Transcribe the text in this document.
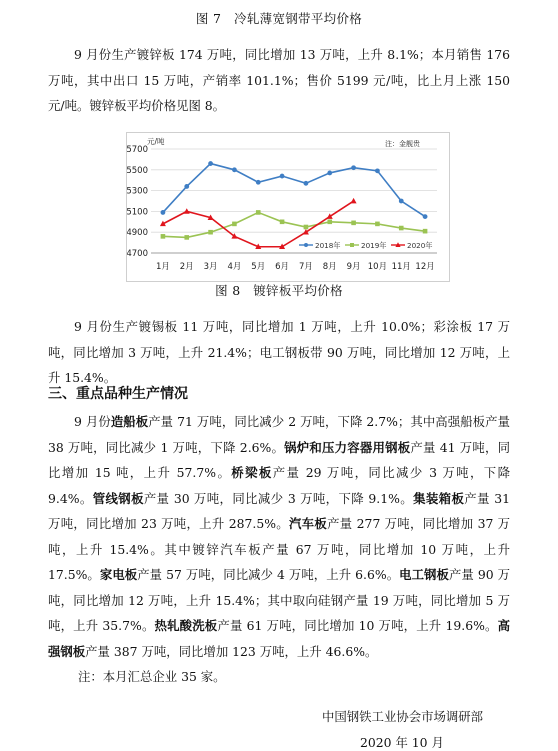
图 7　冷轧薄宽钢带平均价格

9 月份生产镀锌板 174 万吨，同比增加 13 万吨，上升 8.1%；本月销售 176 万吨，其中出口 15 万吨，产销率 101.1%；售价 5199 元/吨，比上月上涨 150 元/吨。镀锌板平均价格见图 8。

4700
4900
5100
5300
5500
5700
1月 2月 3月 4月 5月 6月 7月 8月 9月 10月 11月 12月
元/吨	注：金舰贵
2018年	2019年	2020年
图 8　镀锌板平均价格

9 月份生产镀锡板 11 万吨，同比增加 1 万吨，上升 10.0%；彩涂板 17 万吨，同比增加 3 万吨，上升 21.4%；电工钢板带 90 万吨，同比增加 12 万吨，上升 15.4%。

三、重点品种生产情况

9 月份造船板产量 71 万吨，同比减少 2 万吨，下降 2.7%；其中高强船板产量 38 万吨，同比减少 1 万吨，下降 2.6%。锅炉和压力容器用钢板产量 41 万吨，同比增加 15 吨，上升 57.7%。桥梁板产量 29 万吨，同比减少 3 万吨，下降 9.4%。管线钢板产量 30 万吨，同比减少 3 万吨，下降 9.1%。集装箱板产量 31 万吨，同比增加 23 万吨，上升 287.5%。汽车板产量 277 万吨，同比增加 37 万吨，上升 15.4%。其中镀锌汽车板产量 67 万吨，同比增加 10 万吨，上升 17.5%。家电板产量 57 万吨，同比减少 4 万吨，上升 6.6%。电工钢板产量 90 万吨，同比增加 12 万吨，上升 15.4%；其中取向硅钢产量 19 万吨，同比增加 5 万吨，上升 35.7%。热轧酸洗板产量 61 万吨，同比增加 10 万吨，上升 19.6%。高强钢板产量 387 万吨，同比增加 123 万吨，上升 46.6%。

注：本月汇总企业 35 家。
中国钢铁工业协会市场调研部
2020 年 10 月
